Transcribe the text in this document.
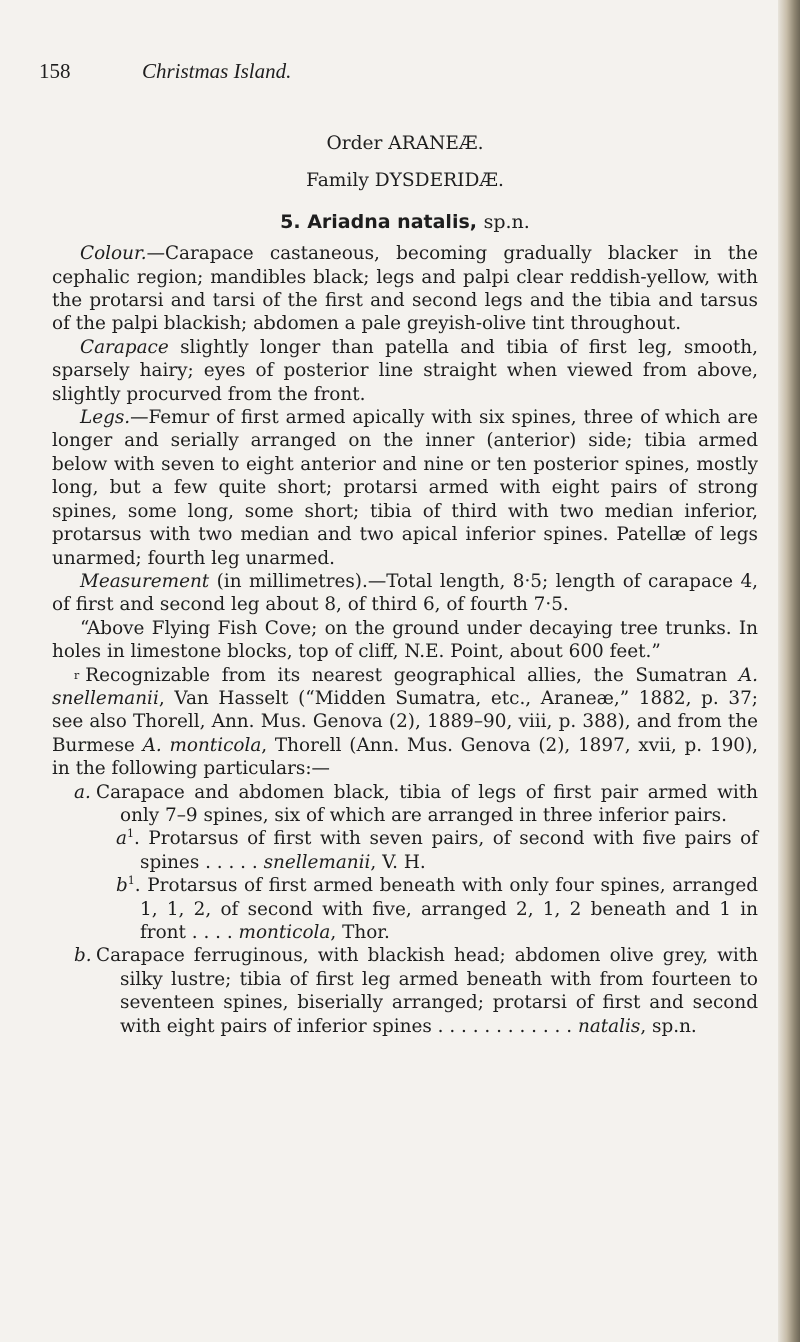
158	Christmas Island.
Order ARANEÆ.
Family DYSDERIDÆ.
5. Ariadna natalis, sp.n.

Colour.—Carapace castaneous, becoming gradually blacker in the cephalic region; mandibles black; legs and palpi clear reddish-yellow, with the protarsi and tarsi of the first and second legs and the tibia and tarsus of the palpi blackish; abdomen a pale greyish-olive tint throughout.

Carapace slightly longer than patella and tibia of first leg, smooth, sparsely hairy; eyes of posterior line straight when viewed from above, slightly procurved from the front.

Legs.—Femur of first armed apically with six spines, three of which are longer and serially arranged on the inner (anterior) side; tibia armed below with seven to eight anterior and nine or ten posterior spines, mostly long, but a few quite short; protarsi armed with eight pairs of strong spines, some long, some short; tibia of third with two median inferior, protarsus with two median and two apical inferior spines. Patellæ of legs unarmed; fourth leg unarmed.

Measurement (in millimetres).—Total length, 8·5; length of carapace 4, of first and second leg about 8, of third 6, of fourth 7·5.

“Above Flying Fish Cove; on the ground under decaying tree trunks. In holes in limestone blocks, top of cliff, N.E. Point, about 600 feet.”

$^r$ Recognizable from its nearest geographical allies, the Sumatran A. snellemanii, Van Hasselt (“Midden Sumatra, etc., Araneæ,” 1882, p. 37; see also Thorell, Ann. Mus. Genova (2), 1889–90, viii, p. 388), and from the Burmese A. monticola, Thorell (Ann. Mus. Genova (2), 1897, xvii, p. 190), in the following particulars:—

a. Carapace and abdomen black, tibia of legs of first pair armed with only 7–9 spines, six of which are arranged in three inferior pairs.
$a^1$. Protarsus of first with seven pairs, of second with five pairs of spines . . . . . snellemanii, V. H.
$b^1$. Protarsus of first armed beneath with only four spines, arranged 1, 1, 2, of second with five, arranged 2, 1, 2 beneath and 1 in front . . . . monticola, Thor.
b. Carapace ferruginous, with blackish head; abdomen olive grey, with silky lustre; tibia of first leg armed beneath with from fourteen to seventeen spines, biserially arranged; protarsi of first and second with eight pairs of inferior spines . . . . . . . . . . . . natalis, sp.n.
